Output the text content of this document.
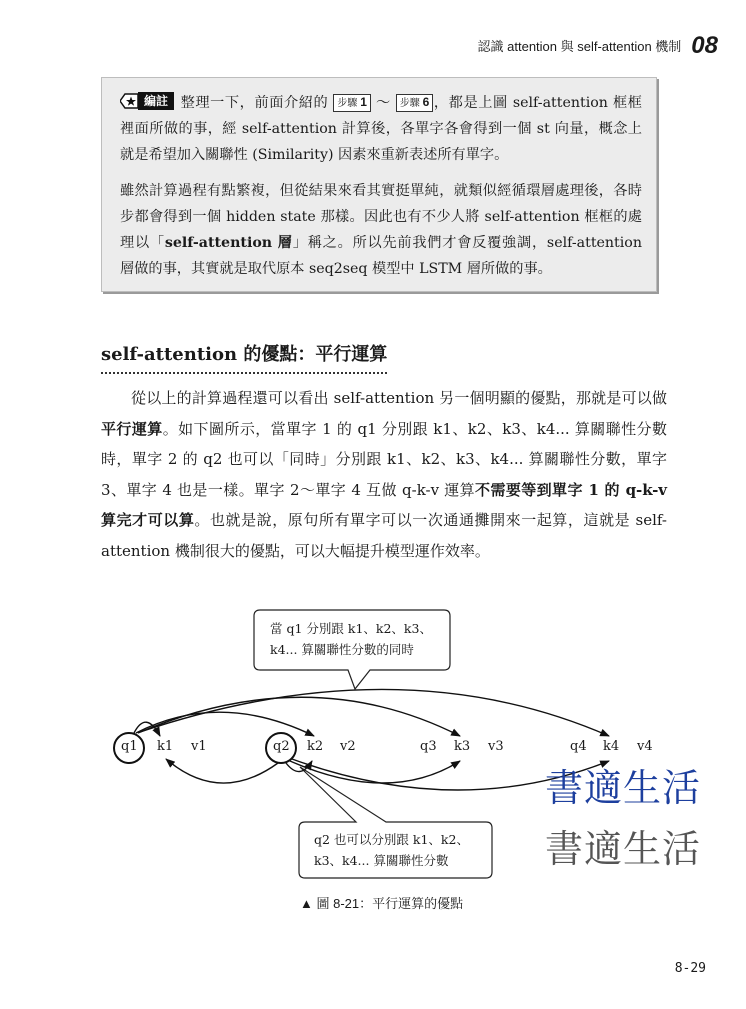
認識 attention 與 self-attention 機制 08

編註 整理一下，前面介紹的 步驟 1 ～ 步驟 6 ，都是上圖 self-attention 框框裡面所做的事，經 self-attention 計算後，各單字各會得到一個 st 向量，概念上就是希望加入關聯性 (Similarity) 因素來重新表述所有單字。

雖然計算過程有點繁複，但從結果來看其實挺單純，就類似經循環層處理後，各時步都會得到一個 hidden state 那樣。因此也有不少人將 self-attention 框框的處理以「self-attention 層」稱之。所以先前我們才會反覆強調，self-attention 層做的事，其實就是取代原本 seq2seq 模型中 LSTM 層所做的事。

self-attention 的優點：平行運算

從以上的計算過程還可以看出 self-attention 另一個明顯的優點，那就是可以做平行運算。如下圖所示，當單字 1 的 q1 分別跟 k1、k2、k3、k4... 算關聯性分數時，單字 2 的 q2 也可以「同時」分別跟 k1、k2、k3、k4... 算關聯性分數，單字 3、單字 4 也是一樣。單字 2～單字 4 互做 q-k-v 運算不需要等到單字 1 的 q-k-v 算完才可以算。也就是說，原句所有單字可以一次通通攤開來一起算，這就是 self-attention 機制很大的優點，可以大幅提升模型運作效率。

當 q1 分別跟 k1、k2、k3、
k4... 算關聯性分數的同時
q2 也可以分別跟 k1、k2、
k3、k4... 算關聯性分數
q1 k1 v1	q2 k2 v2	q3 k3 v3	q4 k4 v4
書適生活
書適生活
▲ 圖 8-21：平行運算的優點
8-29
